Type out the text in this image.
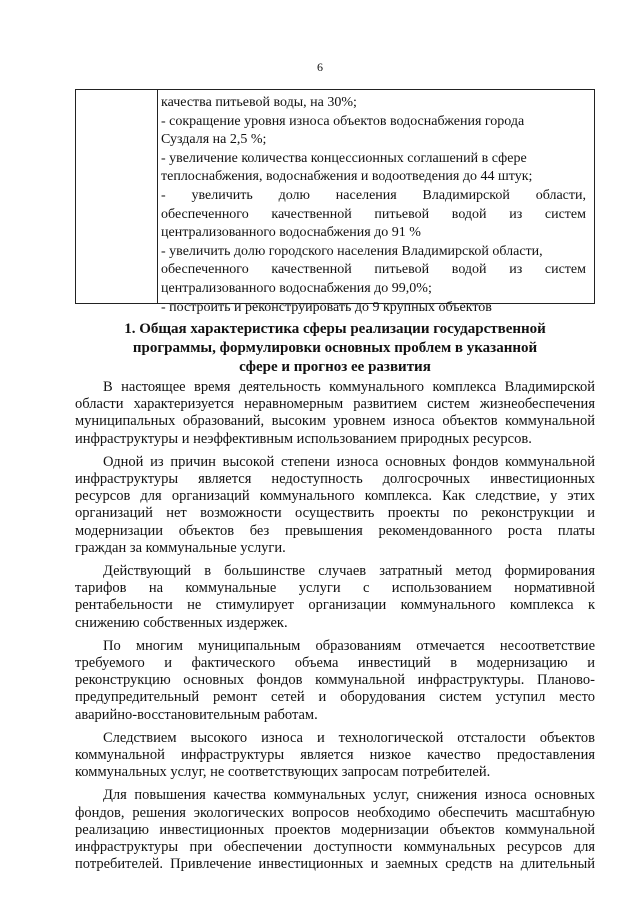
6
качества питьевой воды, на 30%;
- сокращение уровня износа объектов водоснабжения города
Суздаля на 2,5 %;
- увеличение количества концессионных соглашений в сфере
теплоснабжения, водоснабжения и водоотведения до 44 штук;
- увеличить долю населения Владимирской области,
обеспеченного качественной питьевой водой из систем
централизованного водоснабжения до 91 %
- увеличить долю городского населения Владимирской области,
обеспеченного качественной питьевой водой из систем
централизованного водоснабжения до 99,0%;
- построить и реконструировать до 9 крупных объектов
1. Общая характеристика сферы реализации государственной
программы, формулировки основных проблем в указанной
сфере и прогноз ее развития

В настоящее время деятельность коммунального комплекса Владимирской
области характеризуется неравномерным развитием систем жизнеобеспечения
муниципальных образований, высоким уровнем износа объектов коммунальной
инфраструктуры и неэффективным использованием природных ресурсов.

Одной из причин высокой степени износа основных фондов коммунальной
инфраструктуры является недоступность долгосрочных инвестиционных
ресурсов для организаций коммунального комплекса. Как следствие, у этих
организаций нет возможности осуществить проекты по реконструкции и
модернизации объектов без превышения рекомендованного роста платы
граждан за коммунальные услуги.

Действующий в большинстве случаев затратный метод формирования
тарифов на коммунальные услуги с использованием нормативной
рентабельности не стимулирует организации коммунального комплекса к
снижению собственных издержек.

По многим муниципальным образованиям отмечается несоответствие
требуемого и фактического объема инвестиций в модернизацию и
реконструкцию основных фондов коммунальной инфраструктуры. Планово-
предупредительный ремонт сетей и оборудования систем уступил место
аварийно-восстановительным работам.

Следствием высокого износа и технологической отсталости объектов
коммунальной инфраструктуры является низкое качество предоставления
коммунальных услуг, не соответствующих запросам потребителей.

Для повышения качества коммунальных услуг, снижения износа основных
фондов, решения экологических вопросов необходимо обеспечить масштабную
реализацию инвестиционных проектов модернизации объектов коммунальной
инфраструктуры при обеспечении доступности коммунальных ресурсов для
потребителей. Привлечение инвестиционных и заемных средств на длительный
